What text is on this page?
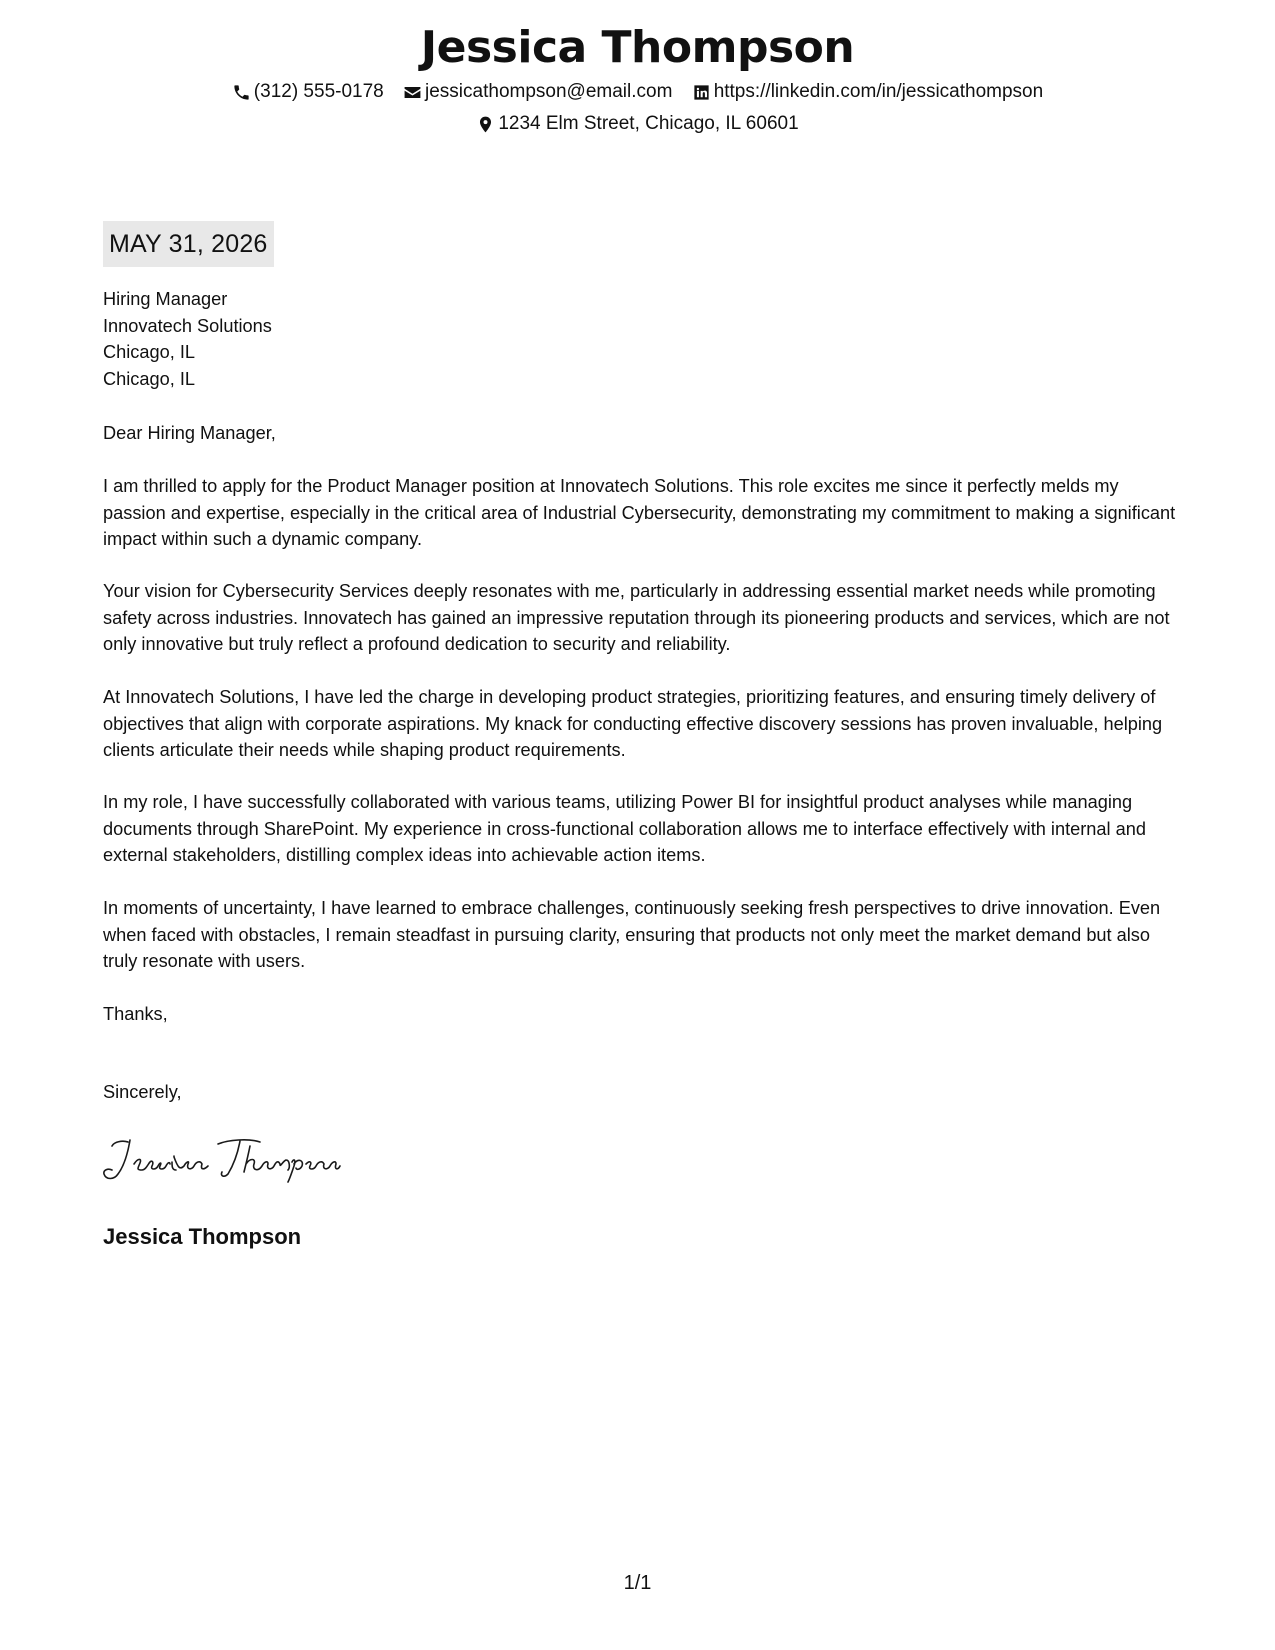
Jessica Thompson
(312) 555-0178
jessicathompson@email.com
https://linkedin.com/in/jessicathompson
1234 Elm Street, Chicago, IL 60601
MAY 31, 2026
Hiring Manager
Innovatech Solutions
Chicago, IL
Chicago, IL
Dear Hiring Manager,

I am thrilled to apply for the Product Manager position at Innovatech Solutions. This role excites me since it perfectly melds my passion and expertise, especially in the critical area of Industrial Cybersecurity, demonstrating my commitment to making a significant impact within such a dynamic company.

Your vision for Cybersecurity Services deeply resonates with me, particularly in addressing essential market needs while promoting safety across industries. Innovatech has gained an impressive reputation through its pioneering products and services, which are not only innovative but truly reflect a profound dedication to security and reliability.

At Innovatech Solutions, I have led the charge in developing product strategies, prioritizing features, and ensuring timely delivery of objectives that align with corporate aspirations. My knack for conducting effective discovery sessions has proven invaluable, helping clients articulate their needs while shaping product requirements.

In my role, I have successfully collaborated with various teams, utilizing Power BI for insightful product analyses while managing documents through SharePoint. My experience in cross-functional collaboration allows me to interface effectively with internal and external stakeholders, distilling complex ideas into achievable action items.

In moments of uncertainty, I have learned to embrace challenges, continuously seeking fresh perspectives to drive innovation. Even when faced with obstacles, I remain steadfast in pursuing clarity, ensuring that products not only meet the market demand but also truly resonate with users.

Thanks,
Sincerely,
Jessica Thompson
1/1
